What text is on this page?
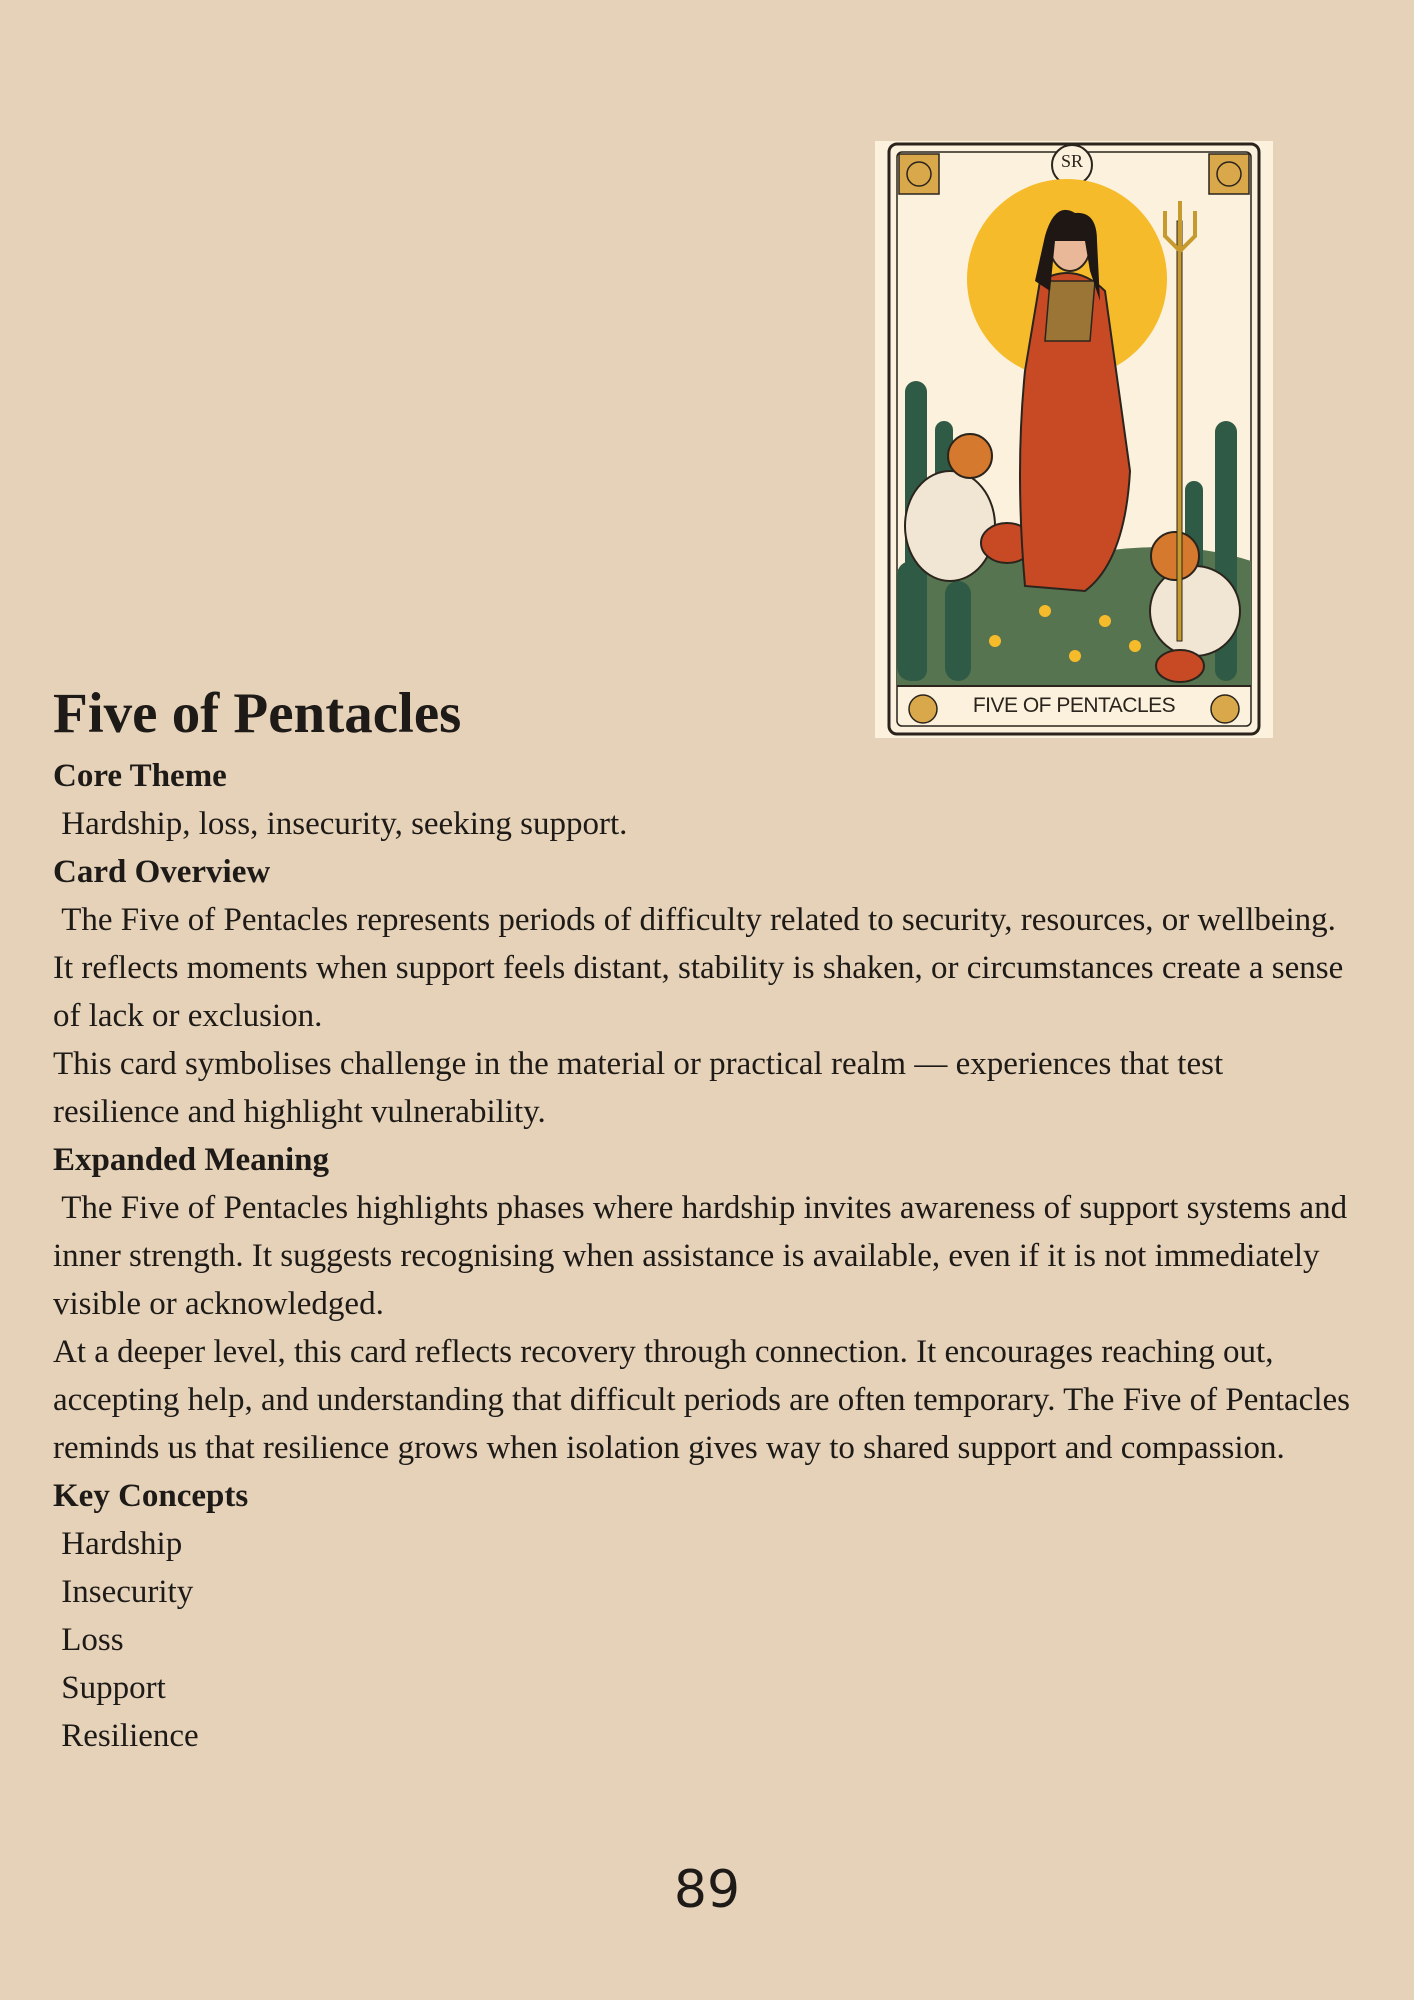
SR
FIVE OF PENTACLES
Five of Pentacles
Core Theme

Hardship, loss, insecurity, seeking support.

Card Overview

The Five of Pentacles represents periods of difficulty related to security, resources, or wellbeing. It reflects moments when support feels distant, stability is shaken, or circumstances create a sense of lack or exclusion.

This card symbolises challenge in the material or practical realm — experiences that test resilience and highlight vulnerability.

Expanded Meaning

The Five of Pentacles highlights phases where hardship invites awareness of support systems and inner strength. It suggests recognising when assistance is available, even if it is not immediately visible or acknowledged.

At a deeper level, this card reflects recovery through connection. It encourages reaching out, accepting help, and understanding that difficult periods are often temporary. The Five of Pentacles reminds us that resilience grows when isolation gives way to shared support and compassion.

Key Concepts
Hardship
Insecurity
Loss
Support
Resilience
89
